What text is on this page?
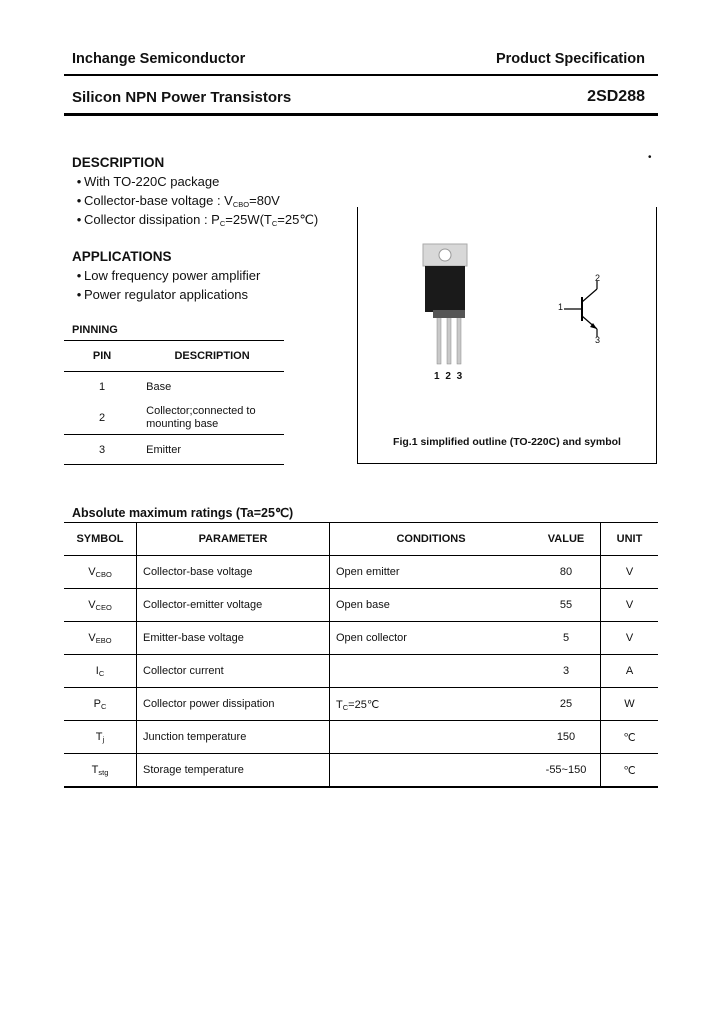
Inchange Semiconductor	Product Specification
Silicon NPN Power Transistors	2SD288
DESCRIPTION	•
• With TO-220C package
• Collector-base voltage : $V_{CBO}=80V$
• Collector dissipation : $P_C=25W(T_C=25℃)$
APPLICATIONS
• Low frequency power amplifier
• Power regulator applications
PINNING
PIN	DESCRIPTION
1	Base
2	Collector;connected to mounting base

3	Emitter
1 2 3
1
2
3
Fig.1 simplified outline (TO-220C) and symbol
Absolute maximum ratings (Ta=25℃)
SYMBOL	PARAMETER	CONDITIONS	VALUE	UNIT
$V_{CBO}$	Collector-base voltage	Open emitter	80	V
$V_{CEO}$	Collector-emitter voltage	Open base	55	V
$V_{EBO}$	Emitter-base voltage	Open collector	5	V
$I_C$	Collector current		3	A
$P_C$	Collector power dissipation	$T_C=25℃$	25	W
$T_j$	Junction temperature		150	℃
$T_{stg}$	Storage temperature		-55~150	℃
